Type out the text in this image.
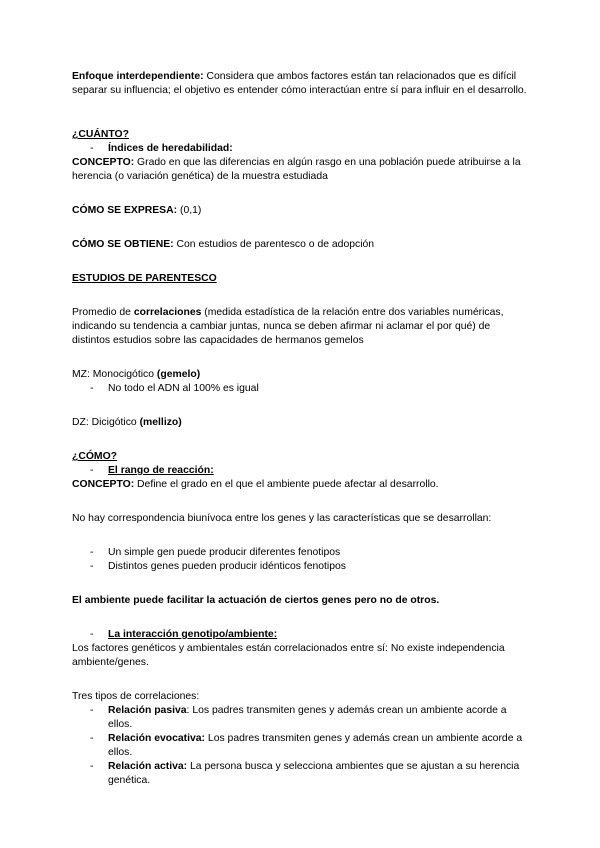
Enfoque interdependiente: Considera que ambos factores están tan relacionados que es difícil separar su influencia; el objetivo es entender cómo interactúan entre sí para influir en el desarrollo.

¿CUÁNTO?

-	Índices de heredabilidad:

CONCEPTO: Grado en que las diferencias en algún rasgo en una población puede atribuirse a la herencia (o variación genética) de la muestra estudiada

CÓMO SE EXPRESA: (0,1)

CÓMO SE OBTIENE: Con estudios de parentesco o de adopción

ESTUDIOS DE PARENTESCO

Promedio de correlaciones (medida estadística de la relación entre dos variables numéricas, indicando su tendencia a cambiar juntas, nunca se deben afirmar ni aclamar el por qué) de distintos estudios sobre las capacidades de hermanos gemelos

MZ: Monocigótico (gemelo)

-	No todo el ADN al 100% es igual

DZ: Dicigótico (mellizo)

¿CÓMO?

-	El rango de reacción:

CONCEPTO: Define el grado en el que el ambiente puede afectar al desarrollo.

No hay correspondencia biunívoca entre los genes y las características que se desarrollan:

-	Un simple gen puede producir diferentes fenotipos
-	Distintos genes pueden producir idénticos fenotipos

El ambiente puede facilitar la actuación de ciertos genes pero no de otros.

-	La interacción genotipo/ambiente:

Los factores genéticos y ambientales están correlacionados entre sí: No existe independencia ambiente/genes.

Tres tipos de correlaciones:

-	Relación pasiva: Los padres transmiten genes y además crean un ambiente acorde a ellos.
-	Relación evocativa: Los padres transmiten genes y además crean un ambiente acorde a ellos.
-	Relación activa: La persona busca y selecciona ambientes que se ajustan a su herencia genética.
